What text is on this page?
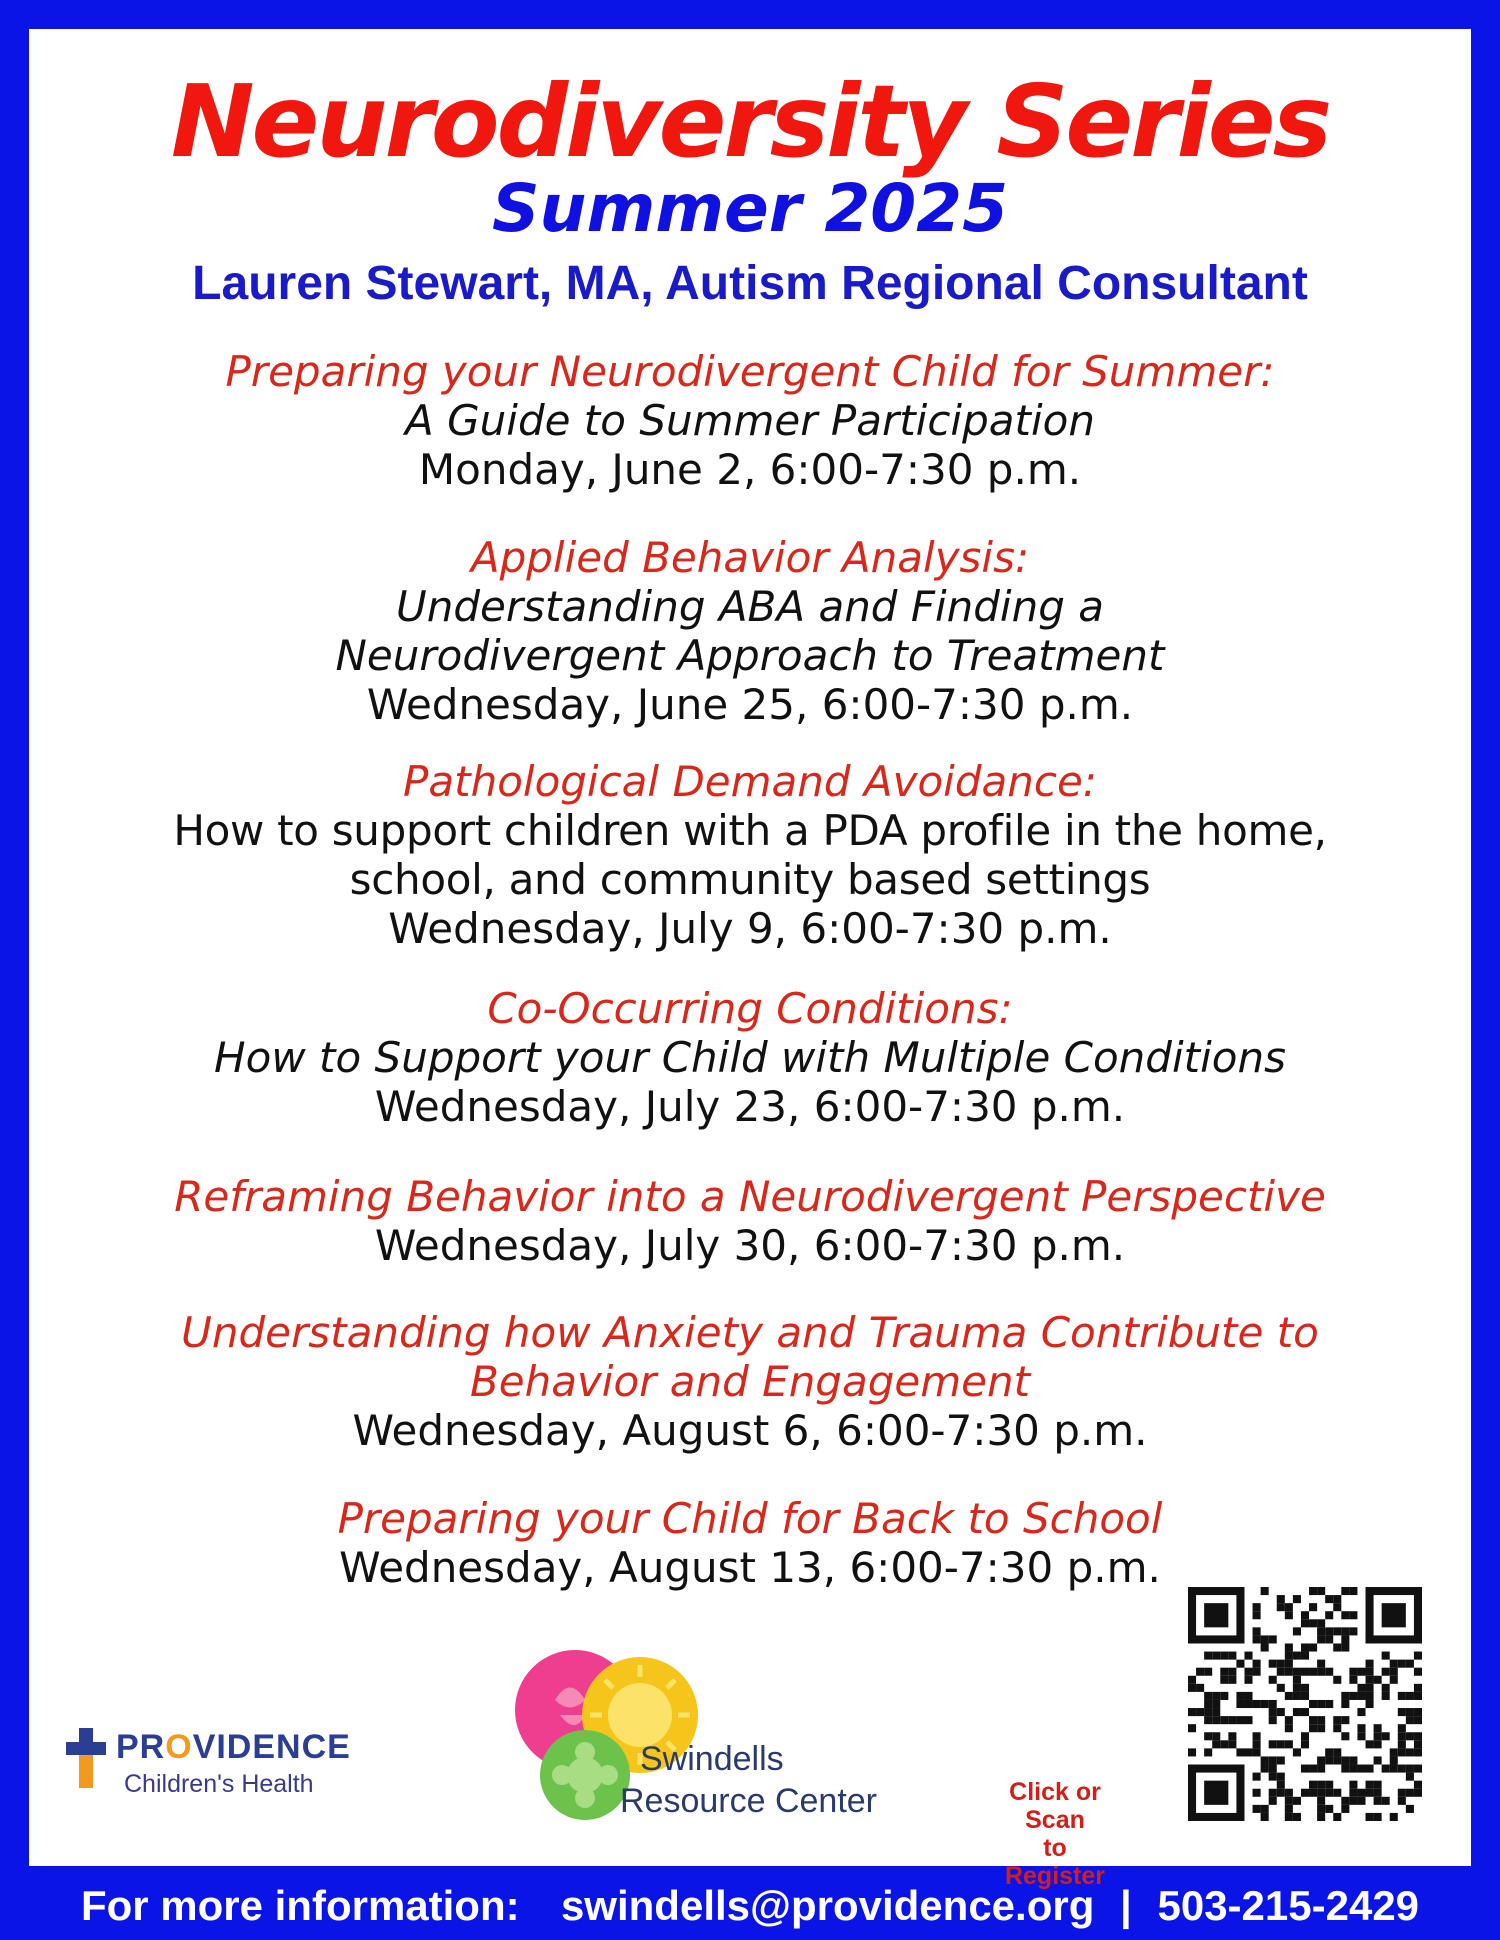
Neurodiversity Series
Summer 2025
Lauren Stewart, MA, Autism Regional Consultant
Preparing your Neurodivergent Child for Summer:
A Guide to Summer Participation
Monday, June 2, 6:00-7:30 p.m.
Applied Behavior Analysis:
Understanding ABA and Finding a
Neurodivergent Approach to Treatment
Wednesday, June 25, 6:00-7:30 p.m.
Pathological Demand Avoidance:
How to support children with a PDA profile in the home,
school, and community based settings
Wednesday, July 9, 6:00-7:30 p.m.
Co-Occurring Conditions:
How to Support your Child with Multiple Conditions
Wednesday, July 23, 6:00-7:30 p.m.
Reframing Behavior into a Neurodivergent Perspective
Wednesday, July 30, 6:00-7:30 p.m.
Understanding how Anxiety and Trauma Contribute to
Behavior and Engagement
Wednesday, August 6, 6:00-7:30 p.m.
Preparing your Child for Back to School
Wednesday, August 13, 6:00-7:30 p.m.
PROVIDENCE
Children's Health
Swindells
Resource Center	Click or Scan
to Register
For more information: swindells@providence.org | 503-215-2429
